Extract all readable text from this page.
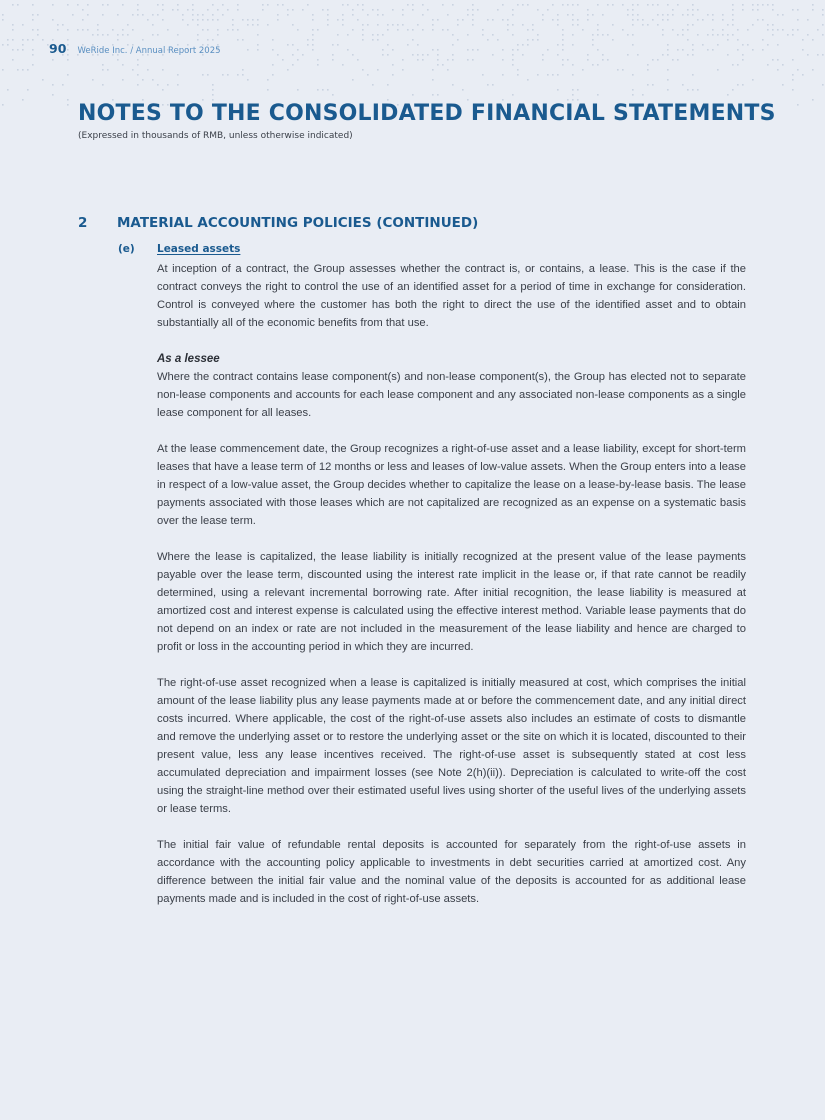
90 WeRide Inc. / Annual Report 2025
NOTES TO THE CONSOLIDATED FINANCIAL STATEMENTS
(Expressed in thousands of RMB, unless otherwise indicated)
2 MATERIAL ACCOUNTING POLICIES (CONTINUED)
(e) Leased assets

At inception of a contract, the Group assesses whether the contract is, or contains, a lease. This is the case if the contract conveys the right to control the use of an identified asset for a period of time in exchange for consideration. Control is conveyed where the customer has both the right to direct the use of the identified asset and to obtain substantially all of the economic benefits from that use.

As a lessee

Where the contract contains lease component(s) and non-lease component(s), the Group has elected not to separate non-lease components and accounts for each lease component and any associated non-lease components as a single lease component for all leases.

At the lease commencement date, the Group recognizes a right-of-use asset and a lease liability, except for short-term leases that have a lease term of 12 months or less and leases of low-value assets. When the Group enters into a lease in respect of a low-value asset, the Group decides whether to capitalize the lease on a lease-by-lease basis. The lease payments associated with those leases which are not capitalized are recognized as an expense on a systematic basis over the lease term.

Where the lease is capitalized, the lease liability is initially recognized at the present value of the lease payments payable over the lease term, discounted using the interest rate implicit in the lease or, if that rate cannot be readily determined, using a relevant incremental borrowing rate. After initial recognition, the lease liability is measured at amortized cost and interest expense is calculated using the effective interest method. Variable lease payments that do not depend on an index or rate are not included in the measurement of the lease liability and hence are charged to profit or loss in the accounting period in which they are incurred.

The right-of-use asset recognized when a lease is capitalized is initially measured at cost, which comprises the initial amount of the lease liability plus any lease payments made at or before the commencement date, and any initial direct costs incurred. Where applicable, the cost of the right-of-use assets also includes an estimate of costs to dismantle and remove the underlying asset or to restore the underlying asset or the site on which it is located, discounted to their present value, less any lease incentives received. The right-of-use asset is subsequently stated at cost less accumulated depreciation and impairment losses (see Note 2(h)(ii)). Depreciation is calculated to write-off the cost using the straight-line method over their estimated useful lives using shorter of the useful lives of the underlying assets or lease terms.

The initial fair value of refundable rental deposits is accounted for separately from the right-of-use assets in accordance with the accounting policy applicable to investments in debt securities carried at amortized cost. Any difference between the initial fair value and the nominal value of the deposits is accounted for as additional lease payments made and is included in the cost of right-of-use assets.
